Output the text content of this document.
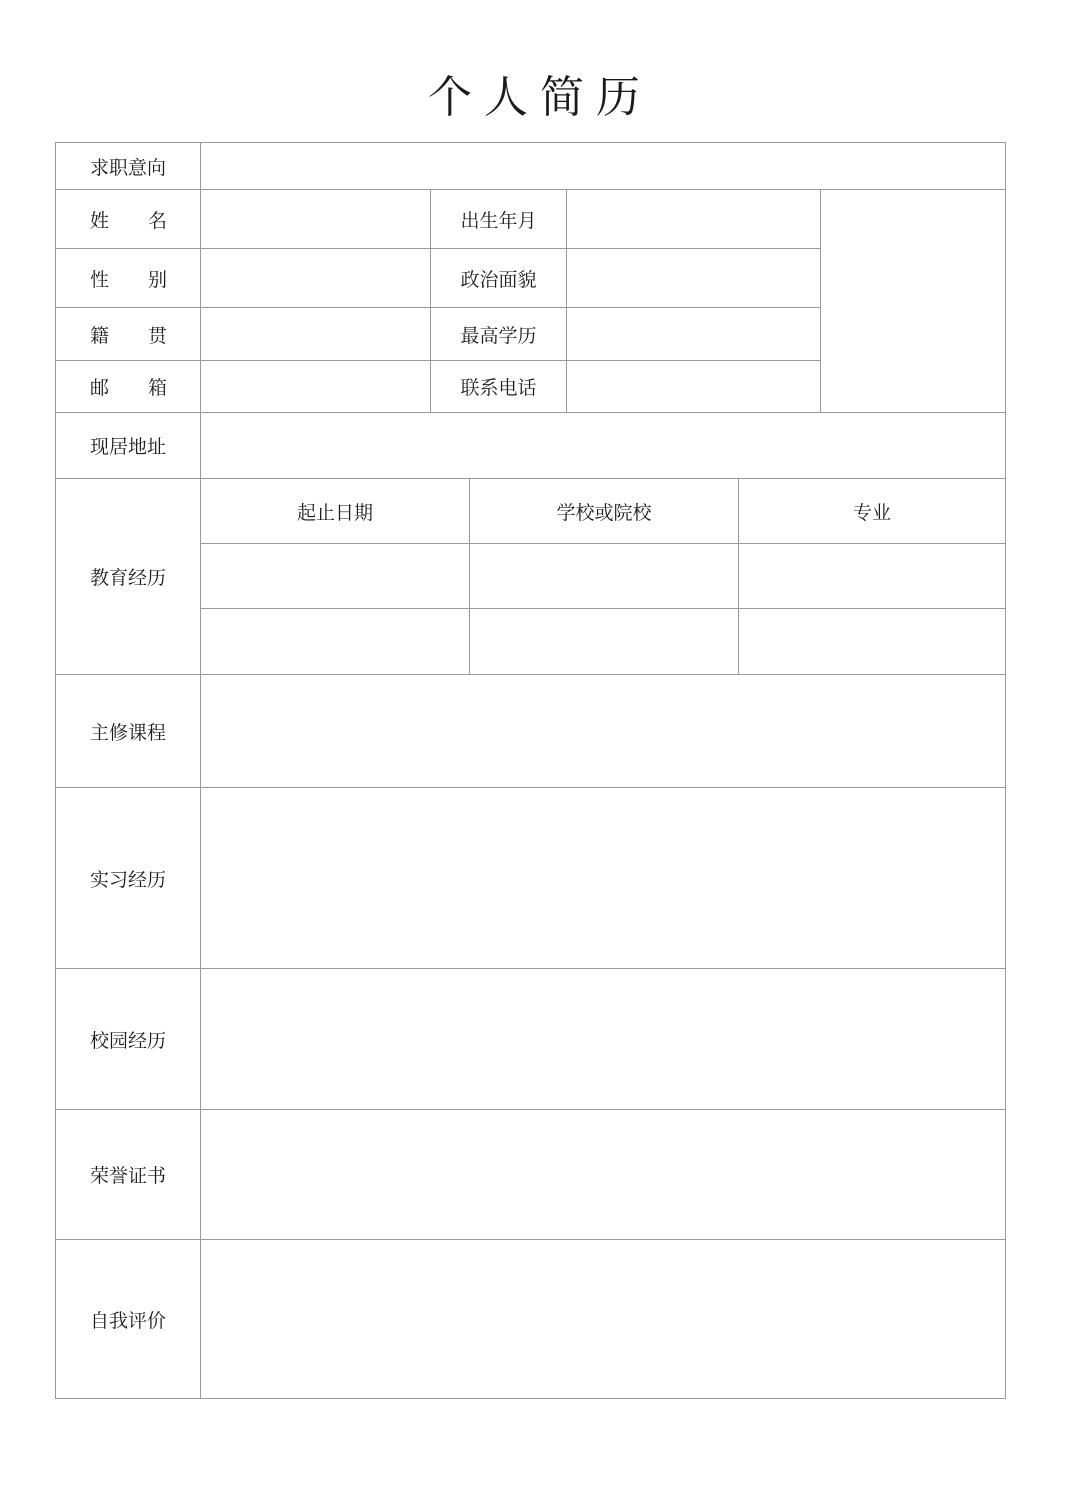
个人简历
求职意向
姓 名	出生年月
性 别	政治面貌
籍 贯	最高学历
邮 箱	联系电话
现居地址
教育经历
起止日期	学校或院校	专业
主修课程
实习经历
校园经历
荣誉证书
自我评价
